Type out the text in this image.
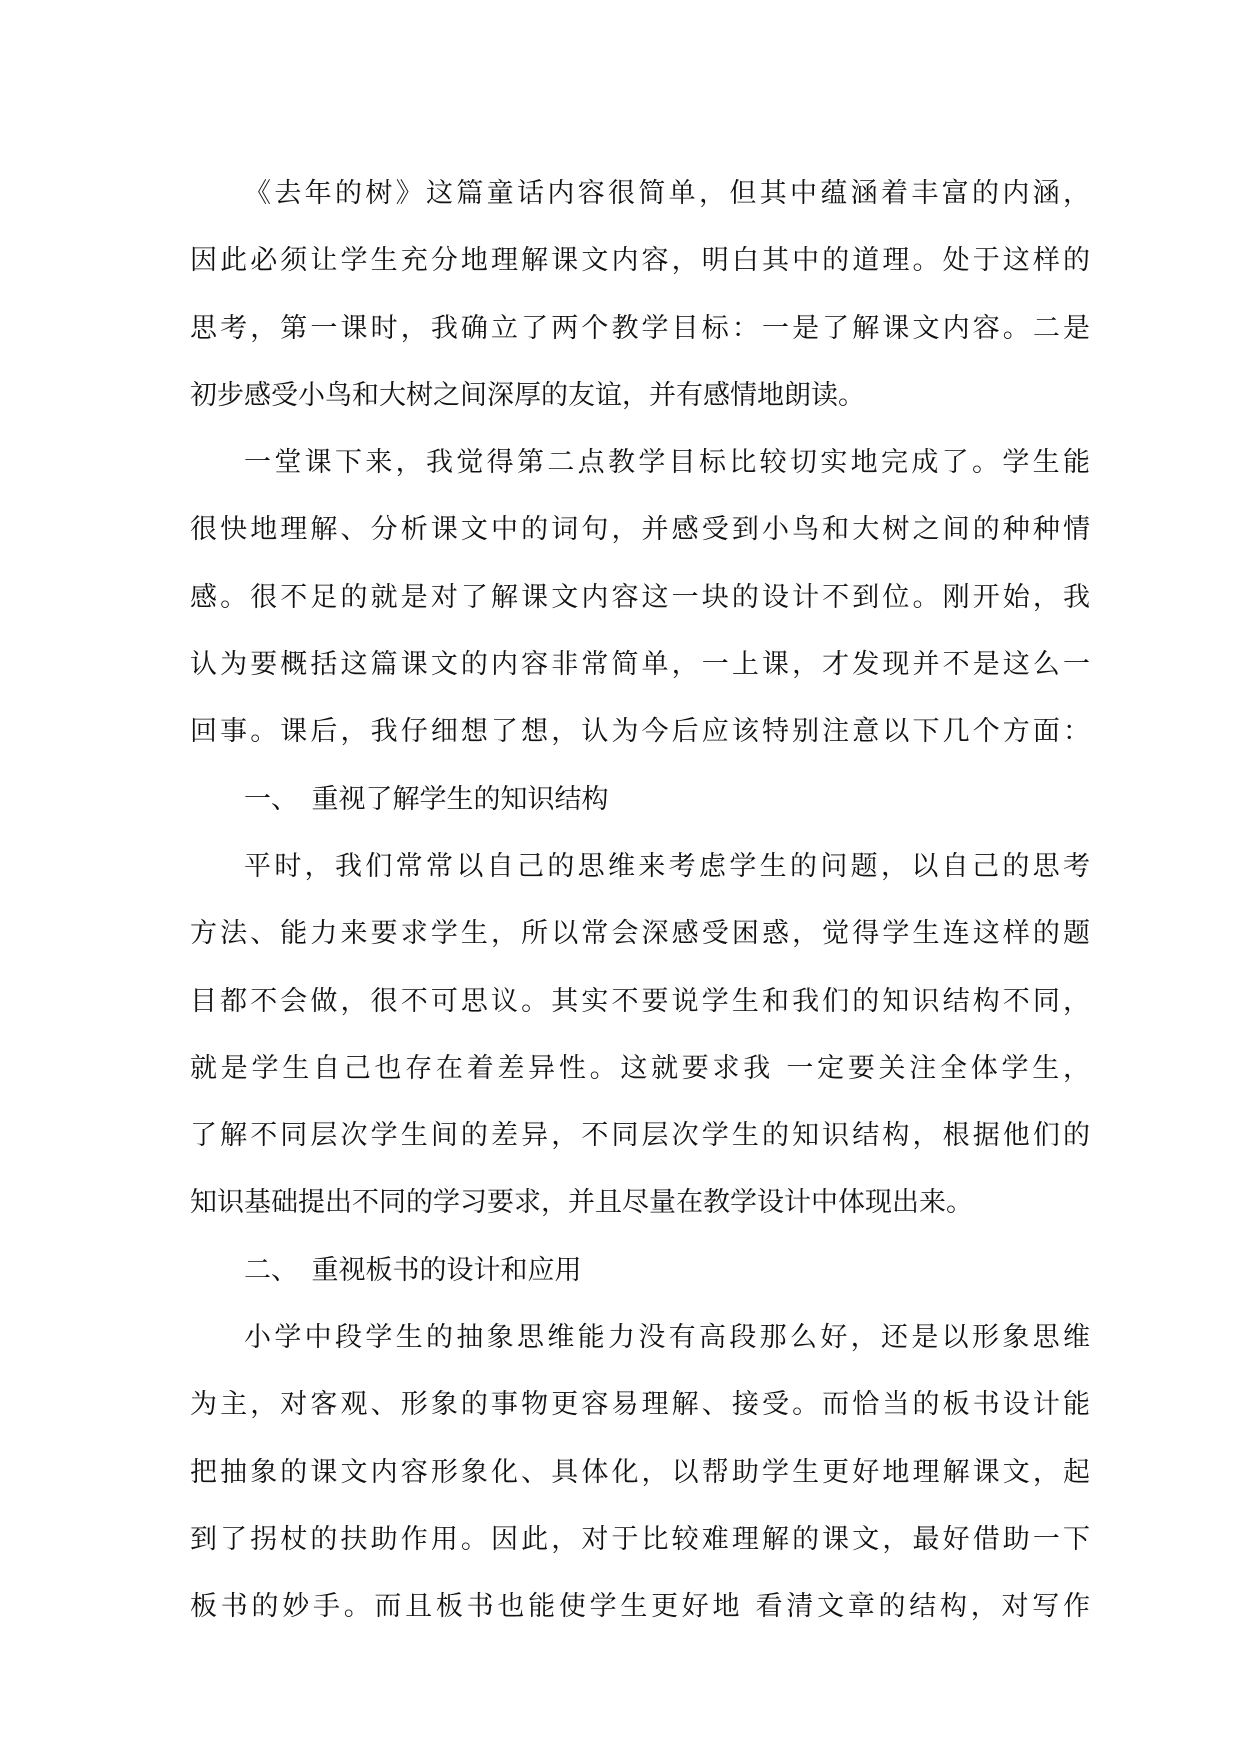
《去年的树》这篇童话内容很简单，但其中蕴涵着丰富的内涵，
因此必须让学生充分地理解课文内容，明白其中的道理。处于这样的
思考，第一课时，我确立了两个教学目标：一是了解课文内容。二是
初步感受小鸟和大树之间深厚的友谊，并有感情地朗读。
一堂课下来，我觉得第二点教学目标比较切实地完成了。学生能
很快地理解、分析课文中的词句，并感受到小鸟和大树之间的种种情
感。很不足的就是对了解课文内容这一块的设计不到位。刚开始，我
认为要概括这篇课文的内容非常简单，一上课，才发现并不是这么一
回事。课后，我仔细想了想，认为今后应该特别注意以下几个方面：
一、　重视了解学生的知识结构
平时，我们常常以自己的思维来考虑学生的问题，以自己的思考
方法、能力来要求学生，所以常会深感受困惑，觉得学生连这样的题
目都不会做，很不可思议。其实不要说学生和我们的知识结构不同，
就是学生自己也存在着差异性。这就要求我 一定要关注全体学生，
了解不同层次学生间的差异，不同层次学生的知识结构，根据他们的
知识基础提出不同的学习要求，并且尽量在教学设计中体现出来。
二、　重视板书的设计和应用
小学中段学生的抽象思维能力没有高段那么好，还是以形象思维
为主，对客观、形象的事物更容易理解、接受。而恰当的板书设计能
把抽象的课文内容形象化、具体化，以帮助学生更好地理解课文，起
到了拐杖的扶助作用。因此，对于比较难理解的课文，最好借助一下
板书的妙手。而且板书也能使学生更好地 看清文章的结构，对写作
